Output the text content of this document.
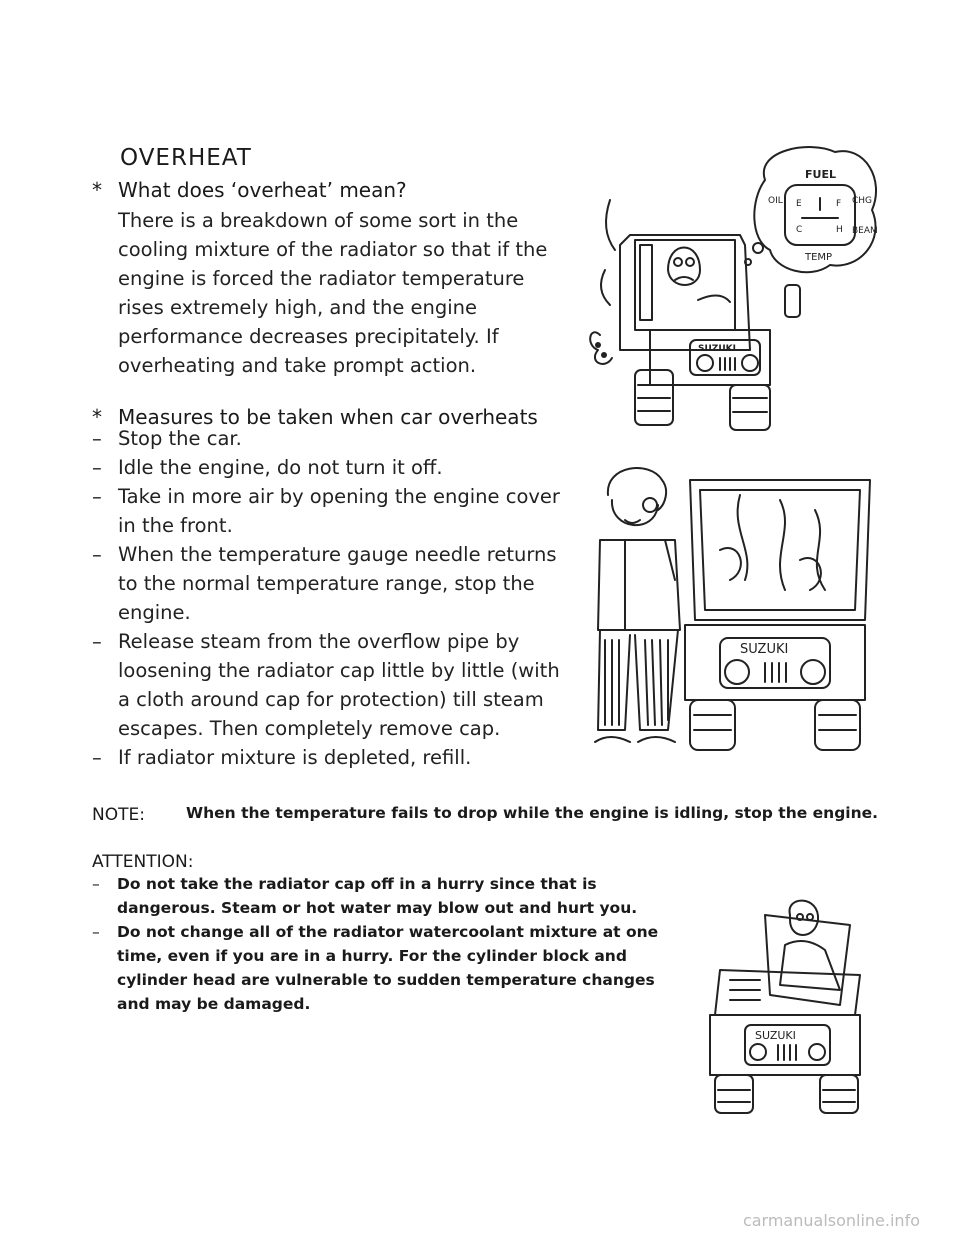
OVERHEAT
* What does ‘overheat’ mean?
There is a breakdown of some sort in the cooling mixture of the radiator so that if the engine is forced the radiator temperature rises extremely high, and the engine performance decreases precipitately. If overheating and take prompt action.
* Measures to be taken when car overheats
– Stop the car.
– Idle the engine, do not turn it off.
– Take in more air by opening the engine cover in the front.
– When the temperature gauge needle returns to the normal temperature range, stop the engine.
– Release steam from the overflow pipe by loosening the radiator cap little by little (with a cloth around cap for protection) till steam escapes. Then completely remove cap.
– If radiator mixture is depleted, refill.
NOTE:	When the temperature fails to drop while the engine is idling, stop the engine.
ATTENTION:
– Do not take the radiator cap off in a hurry since that is dangerous. Steam or hot water may blow out and hurt you.
– Do not change all of the radiator watercoolant mixture at one time, even if you are in a hurry. For the cylinder block and cylinder head are vulnerable to sudden temperature changes and may be damaged.
FUEL
OIL	CHG
BEAM
TEMP
E	F
C	H
SUZUKI
SUZUKI
SUZUKI
carmanualsonline.info
